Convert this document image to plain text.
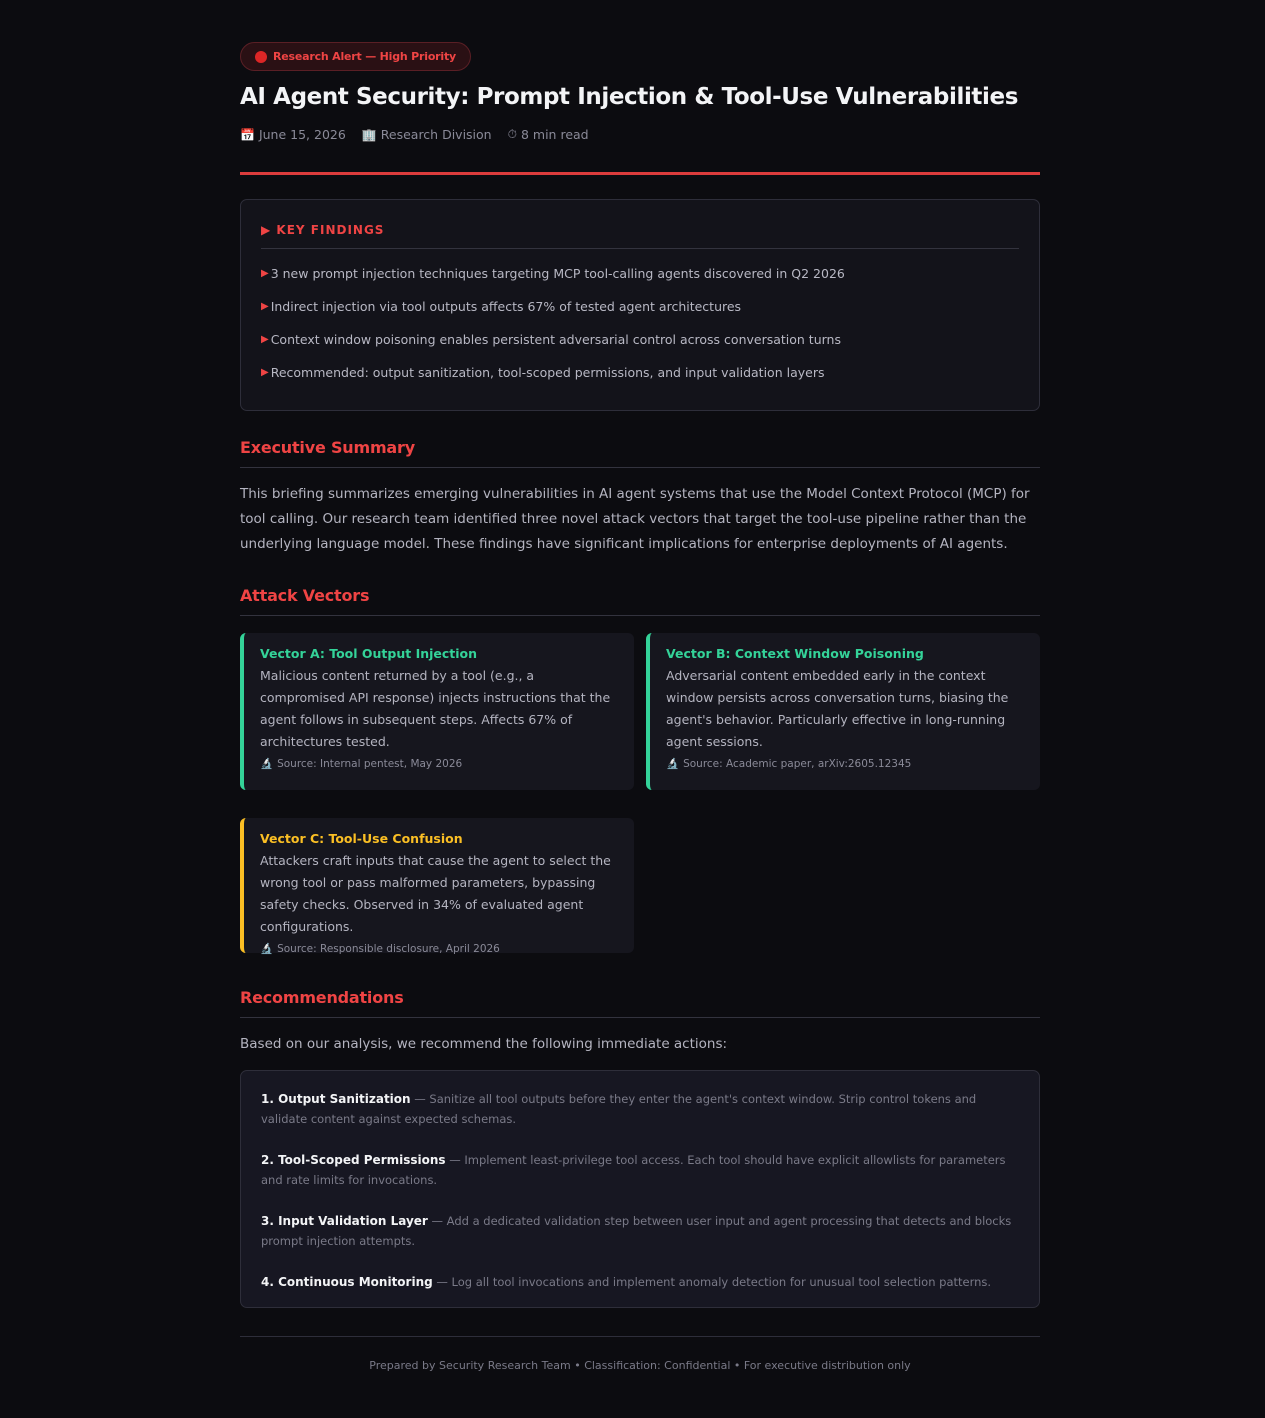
Research Alert — High Priority
AI Agent Security: Prompt Injection & Tool-Use Vulnerabilities
📅 June 15, 2026 🏢 Research Division ⏱ 8 min read
▶ KEY FINDINGS
▶ 3 new prompt injection techniques targeting MCP tool-calling agents discovered in Q2 2026
▶ Indirect injection via tool outputs affects 67% of tested agent architectures
▶ Context window poisoning enables persistent adversarial control across conversation turns
▶ Recommended: output sanitization, tool-scoped permissions, and input validation layers
Executive Summary

This briefing summarizes emerging vulnerabilities in AI agent systems that use the Model Context Protocol (MCP) for tool calling. Our research team identified three novel attack vectors that target the tool-use pipeline rather than the underlying language model. These findings have significant implications for enterprise deployments of AI agents.

Attack Vectors
Vector A: Tool Output Injection
Malicious content returned by a tool (e.g., a compromised API response) injects instructions that the agent follows in subsequent steps. Affects 67% of architectures tested.
🔬 Source: Internal pentest, May 2026
Vector B: Context Window Poisoning
Adversarial content embedded early in the context window persists across conversation turns, biasing the agent's behavior. Particularly effective in long-running agent sessions.
🔬 Source: Academic paper, arXiv:2605.12345
Vector C: Tool-Use Confusion
Attackers craft inputs that cause the agent to select the wrong tool or pass malformed parameters, bypassing safety checks. Observed in 34% of evaluated agent configurations.
🔬 Source: Responsible disclosure, April 2026
Recommendations

Based on our analysis, we recommend the following immediate actions:

1. Output Sanitization — Sanitize all tool outputs before they enter the agent's context window. Strip control tokens and validate content against expected schemas.
2. Tool-Scoped Permissions — Implement least-privilege tool access. Each tool should have explicit allowlists for parameters and rate limits for invocations.
3. Input Validation Layer — Add a dedicated validation step between user input and agent processing that detects and blocks prompt injection attempts.
4. Continuous Monitoring — Log all tool invocations and implement anomaly detection for unusual tool selection patterns.
Prepared by Security Research Team • Classification: Confidential • For executive distribution only
